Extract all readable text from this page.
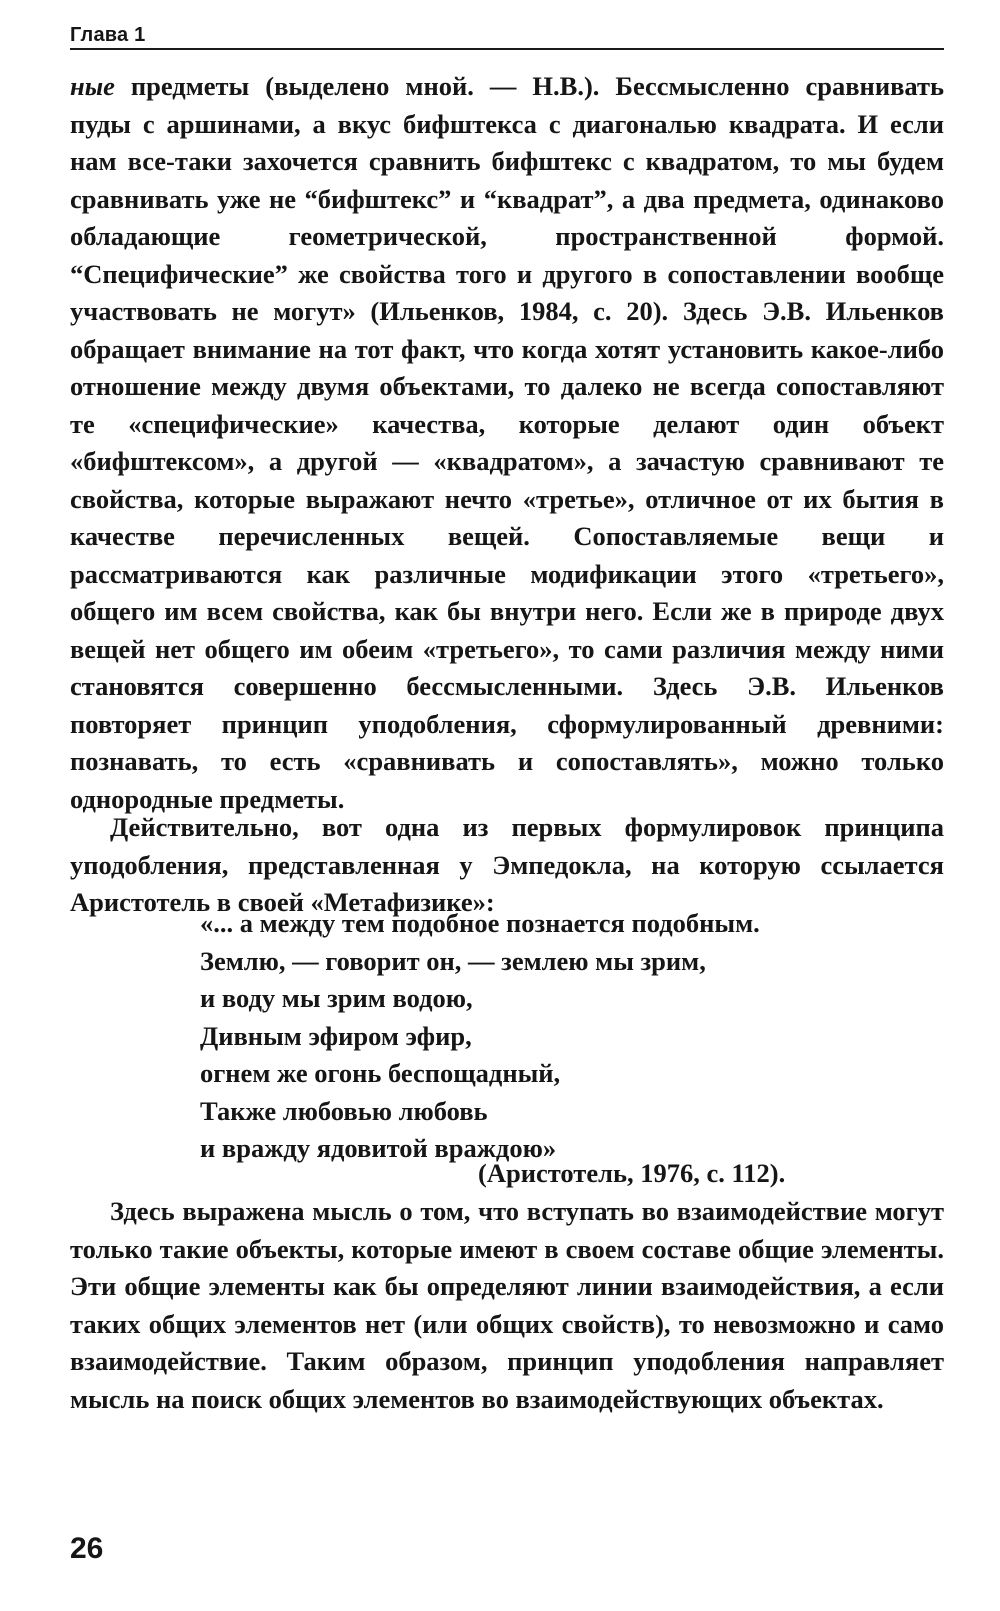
Глава 1

ные предметы (выделено мной. — Н.В.). Бессмысленно сравнивать пуды с аршинами, а вкус бифштекса с диагональю квадрата. И если нам все-таки захочется сравнить бифштекс с квадратом, то мы будем сравнивать уже не “бифштекс” и “квадрат”, а два предмета, одинаково обладающие геометрической, пространственной формой. “Специфические” же свойства того и другого в сопоставлении вообще участвовать не могут» (Ильенков, 1984, с. 20). Здесь Э.В. Ильенков обращает внимание на тот факт, что когда хотят установить какое-либо отношение между двумя объектами, то далеко не всегда сопоставляют те «специфические» качества, которые делают один объект «бифштексом», а другой — «квадратом», а зачастую сравнивают те свойства, которые выражают нечто «третье», отличное от их бытия в качестве перечисленных вещей. Сопоставляемые вещи и рассматриваются как различные модификации этого «третьего», общего им всем свойства, как бы внутри него. Если же в природе двух вещей нет общего им обеим «третьего», то сами различия между ними становятся совершенно бессмысленными. Здесь Э.В. Ильенков повторяет принцип уподобления, сформулированный древними: познавать, то есть «сравнивать и сопоставлять», можно только однородные предметы.

Действительно, вот одна из первых формулировок принципа уподобления, представленная у Эмпедокла, на которую ссылается Аристотель в своей «Метафизике»:

«... а между тем подобное познается подобным.
Землю, — говорит он, — землею мы зрим,
и воду мы зрим водою,
Дивным эфиром эфир,
огнем же огонь беспощадный,
Также любовью любовь
и вражду ядовитой враждою»
(Аристотель, 1976, с. 112).

Здесь выражена мысль о том, что вступать во взаимодействие могут только такие объекты, которые имеют в своем составе общие элементы. Эти общие элементы как бы определяют линии взаимодействия, а если таких общих элементов нет (или общих свойств), то невозможно и само взаимодействие. Таким образом, принцип уподобления направляет мысль на поиск общих элементов во взаимодействующих объектах.

26
